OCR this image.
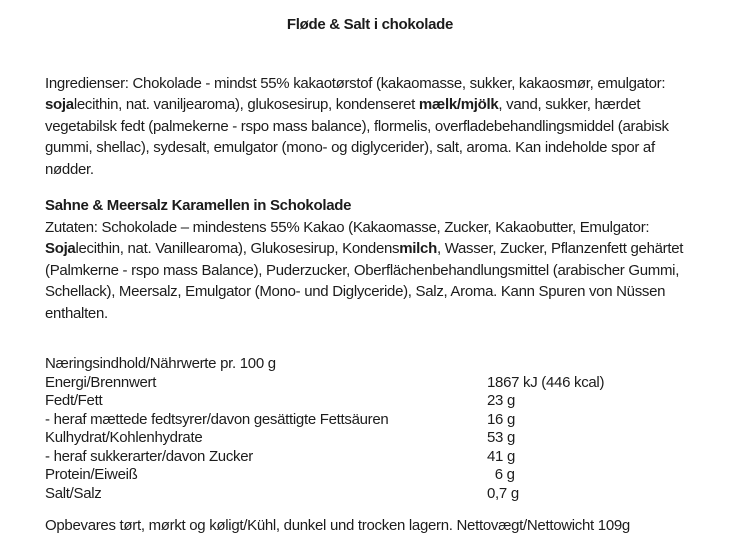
Fløde & Salt i chokolade
Ingredienser: Chokolade - mindst 55% kakaotørstof (kakaomasse, sukker, kakaosmør, emulgator: sojalecithin, nat. vaniljearoma), glukosesirup, kondenseret mælk/mjölk, vand, sukker, hærdet vegetabilsk fedt (palmekerne - rspo mass balance), flormelis, overfladebehandlingsmiddel (arabisk gummi, shellac), sydesalt, emulgator (mono- og diglycerider), salt, aroma. Kan indeholde spor af nødder.
Sahne & Meersalz Karamellen in Schokolade
Zutaten: Schokolade – mindestens 55% Kakao (Kakaomasse, Zucker, Kakaobutter, Emulgator: Sojalecithin, nat. Vanillearoma), Glukosesirup, Kondensmilch, Wasser, Zucker, Pflanzenfett gehärtet (Palmkerne - rspo mass Balance), Puderzucker, Oberflächenbehandlungsmittel (arabischer Gummi, Schellack), Meersalz, Emulgator (Mono- und Diglyceride), Salz, Aroma. Kann Spuren von Nüssen enthalten.
Næringsindhold/Nährwerte pr. 100 g
Energi/Brennwert	1867 kJ (446 kcal)
Fedt/Fett	23 g
- heraf mættede fedtsyrer/davon gesättigte Fettsäuren	16 g
Kulhydrat/Kohlenhydrate	53 g
- heraf sukkerarter/davon Zucker	41 g
Protein/Eiweiß	6 g
Salt/Salz	0,7 g
Opbevares tørt, mørkt og køligt/Kühl, dunkel und trocken lagern. Nettovægt/Nettowicht 109g
